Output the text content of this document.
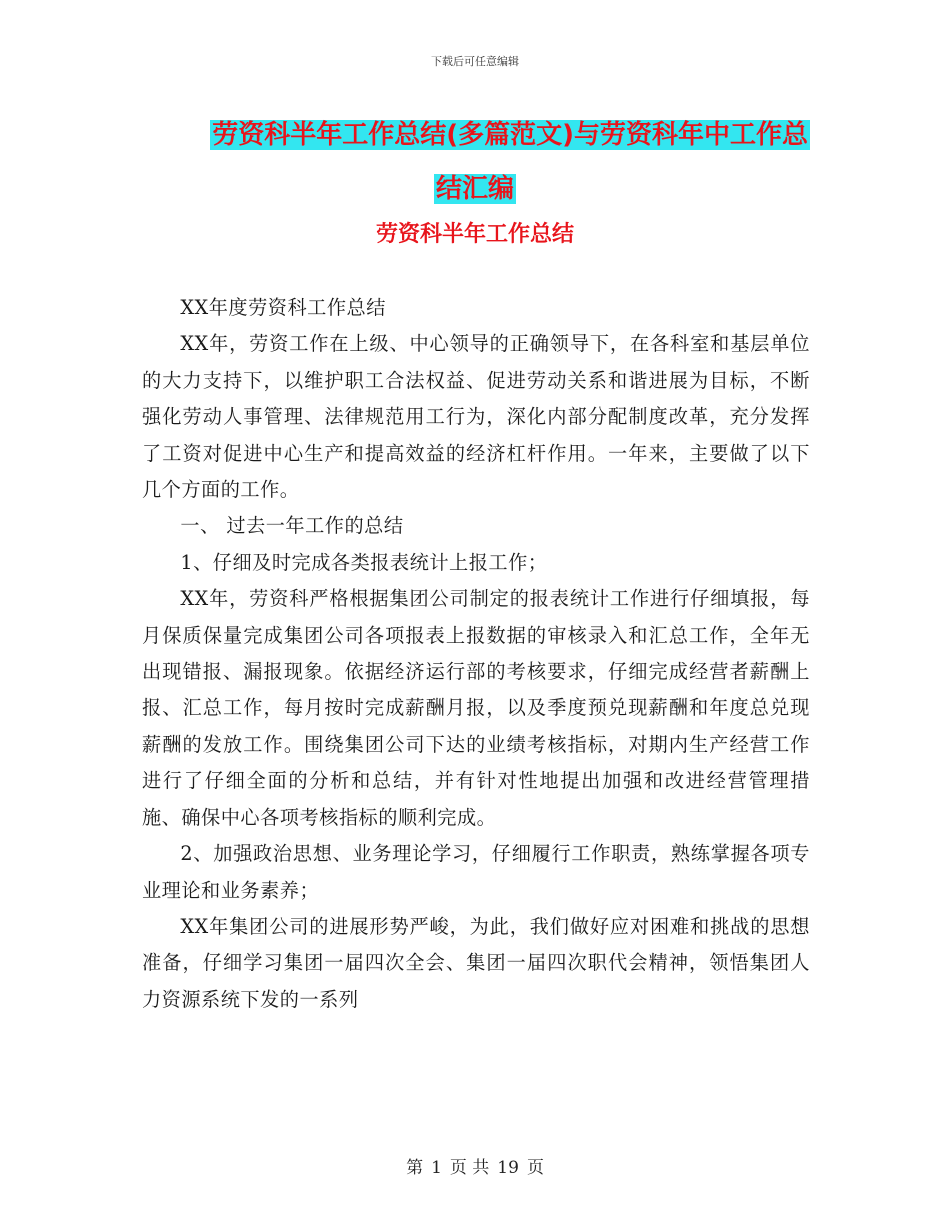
下载后可任意编辑
劳资科半年工作总结(多篇范文)与劳资科年中工作总
结汇编
劳资科半年工作总结

XX年度劳资科工作总结

XX年，劳资工作在上级、中心领导的正确领导下，在各科室和基层单位的大力支持下，以维护职工合法权益、促进劳动关系和谐进展为目标，不断强化劳动人事管理、法律规范用工行为，深化内部分配制度改革，充分发挥了工资对促进中心生产和提高效益的经济杠杆作用。一年来，主要做了以下几个方面的工作。

一、 过去一年工作的总结

1、仔细及时完成各类报表统计上报工作；

XX年，劳资科严格根据集团公司制定的报表统计工作进行仔细填报，每月保质保量完成集团公司各项报表上报数据的审核录入和汇总工作，全年无出现错报、漏报现象。依据经济运行部的考核要求，仔细完成经营者薪酬上报、汇总工作，每月按时完成薪酬月报，以及季度预兑现薪酬和年度总兑现薪酬的发放工作。围绕集团公司下达的业绩考核指标，对期内生产经营工作进行了仔细全面的分析和总结，并有针对性地提出加强和改进经营管理措施、确保中心各项考核指标的顺利完成。

2、加强政治思想、业务理论学习，仔细履行工作职责，熟练掌握各项专业理论和业务素养；

XX年集团公司的进展形势严峻，为此，我们做好应对困难和挑战的思想准备，仔细学习集团一届四次全会、集团一届四次职代会精神，领悟集团人力资源系统下发的一系列

第 1 页 共 19 页
